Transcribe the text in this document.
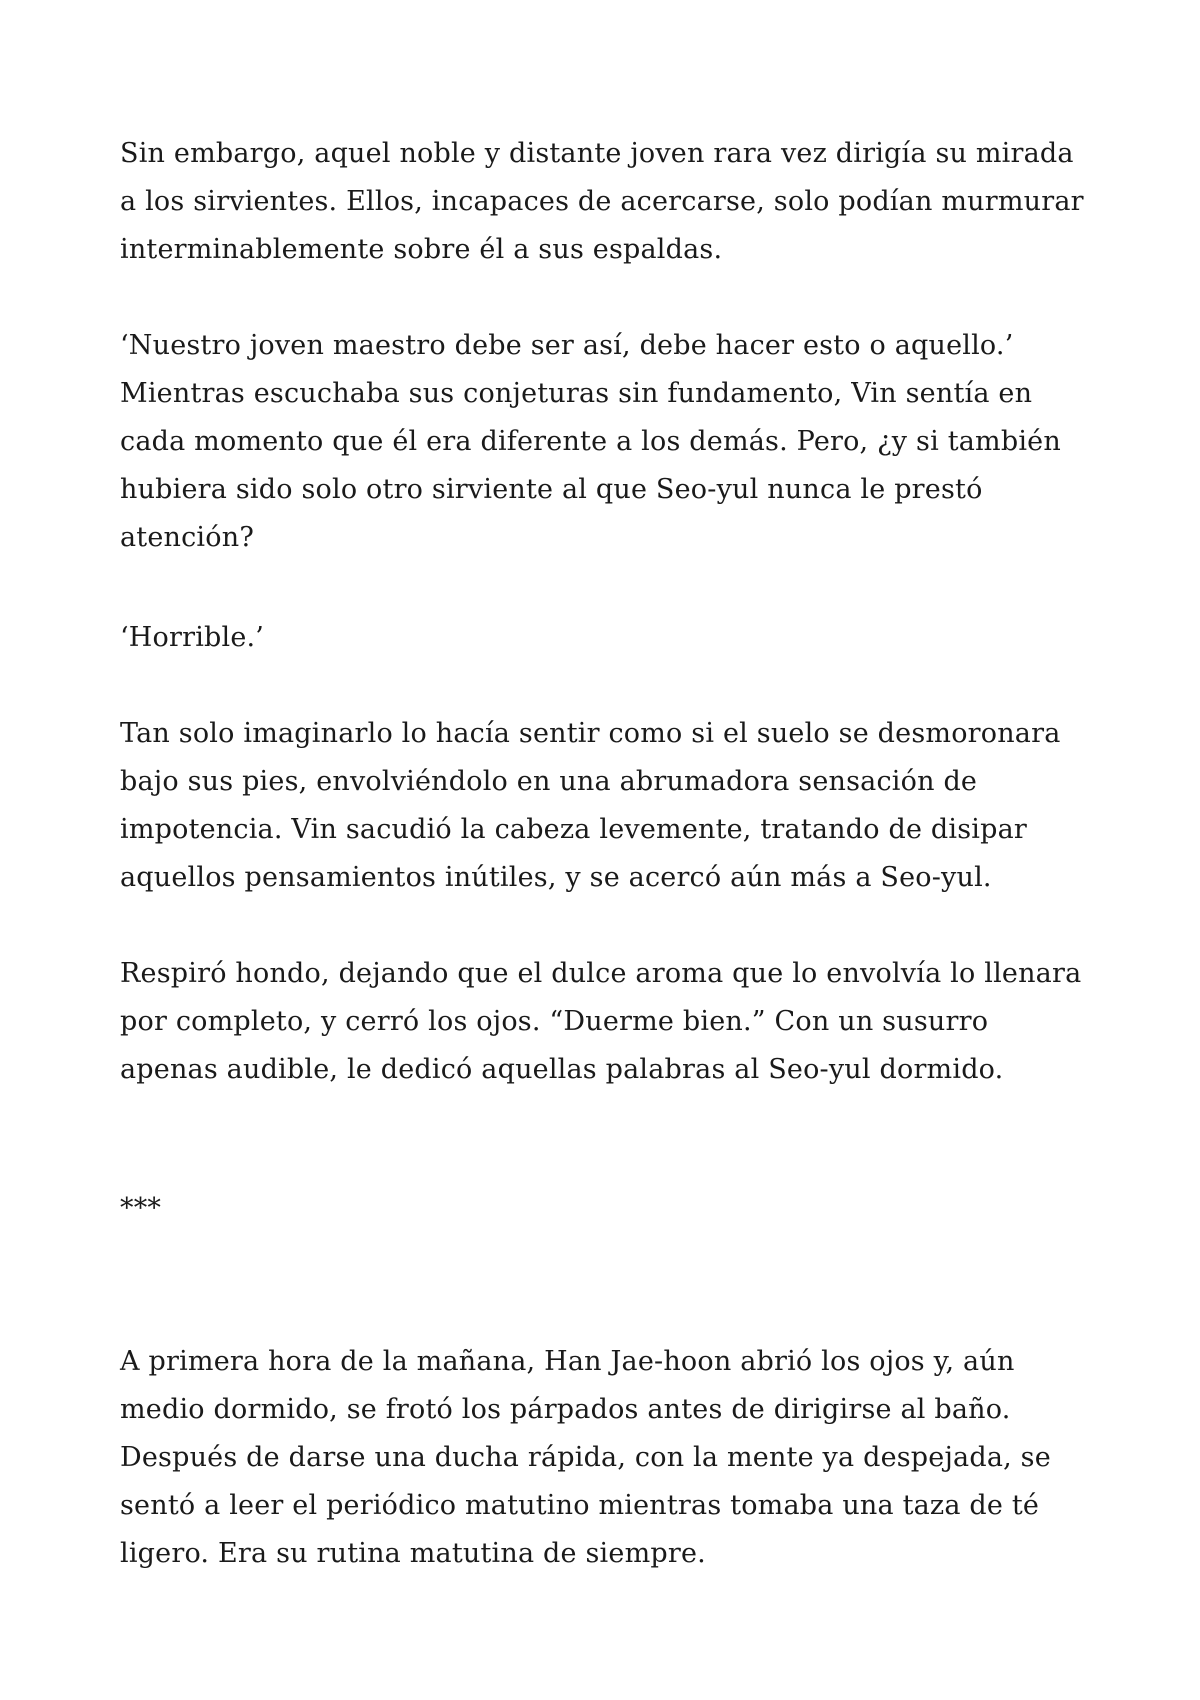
Sin embargo, aquel noble y distante joven rara vez dirigía su mirada
a los sirvientes. Ellos, incapaces de acercarse, solo podían murmurar
interminablemente sobre él a sus espaldas.

‘Nuestro joven maestro debe ser así, debe hacer esto o aquello.’
Mientras escuchaba sus conjeturas sin fundamento, Vin sentía en
cada momento que él era diferente a los demás. Pero, ¿y si también
hubiera sido solo otro sirviente al que Seo-yul nunca le prestó
atención?

‘Horrible.’

Tan solo imaginarlo lo hacía sentir como si el suelo se desmoronara
bajo sus pies, envolviéndolo en una abrumadora sensación de
impotencia. Vin sacudió la cabeza levemente, tratando de disipar
aquellos pensamientos inútiles, y se acercó aún más a Seo-yul.

Respiró hondo, dejando que el dulce aroma que lo envolvía lo llenara
por completo, y cerró los ojos. “Duerme bien.” Con un susurro
apenas audible, le dedicó aquellas palabras al Seo-yul dormido.

***

A primera hora de la mañana, Han Jae-hoon abrió los ojos y, aún
medio dormido, se frotó los párpados antes de dirigirse al baño.
Después de darse una ducha rápida, con la mente ya despejada, se
sentó a leer el periódico matutino mientras tomaba una taza de té
ligero. Era su rutina matutina de siempre.
